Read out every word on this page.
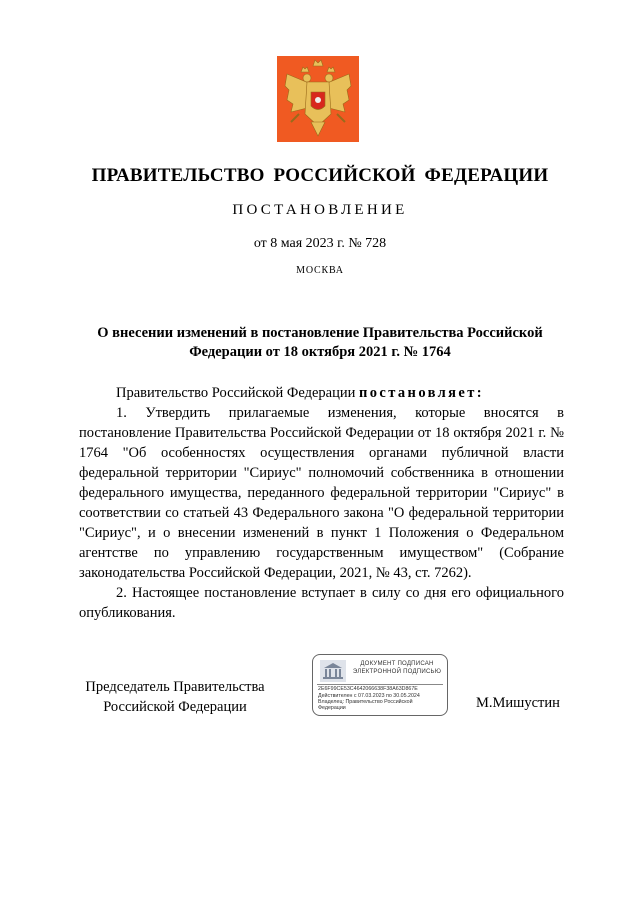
ПРАВИТЕЛЬСТВО РОССИЙСКОЙ ФЕДЕРАЦИИ
ПОСТАНОВЛЕНИЕ
от 8 мая 2023 г. № 728
МОСКВА
О внесении изменений в постановление Правительства Российской
Федерации от 18 октября 2021 г. № 1764

Правительство Российской Федерации постановляет:

1. Утвердить прилагаемые изменения, которые вносятся в постановление Правительства Российской Федерации от 18 октября 2021 г. № 1764 "Об особенностях осуществления органами публичной власти федеральной территории "Сириус" полномочий собственника в отношении федерального имущества, переданного федеральной территории "Сириус" в соответствии со статьей 43 Федерального закона "О федеральной территории "Сириус", и о внесении изменений в пункт 1 Положения о Федеральном агентстве по управлению государственным имуществом" (Собрание законодательства Российской Федерации, 2021, № 43, ст. 7262).

2. Настоящее постановление вступает в силу со дня его официального опубликования.

Председатель Правительства
Российской Федерации
ДОКУМЕНТ ПОДПИСАН
ЭЛЕКТРОННОЙ ПОДПИСЬЮ
2E6F99CE53C4642066638F38A63D867E
Действителен с 07.03.2023 по 30.05.2024
Владелец: Правительство Российской
Федерации	М.Мишустин
